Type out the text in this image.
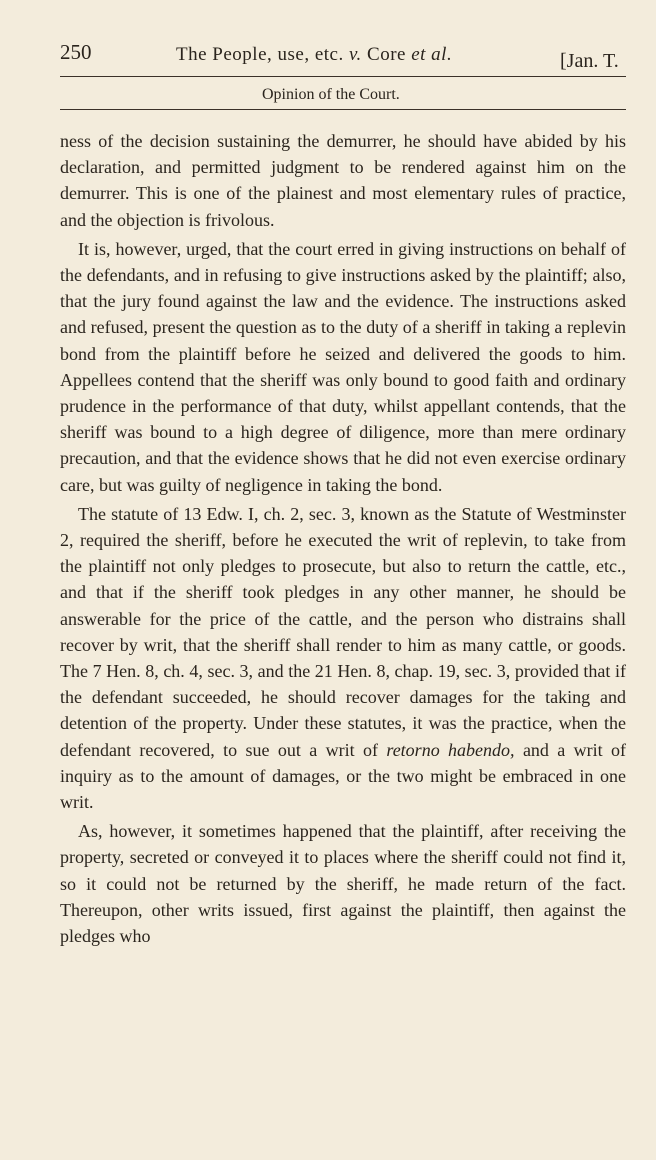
250	The People, use, etc. v. Core et al.	[Jan. T.
Opinion of the Court.

ness of the decision sustaining the demurrer, he should have abided by his declaration, and permitted judgment to be rendered against him on the demurrer. This is one of the plainest and most elementary rules of practice, and the objection is frivolous.

It is, however, urged, that the court erred in giving instructions on behalf of the defendants, and in refusing to give instructions asked by the plaintiff; also, that the jury found against the law and the evidence. The instructions asked and refused, present the question as to the duty of a sheriff in taking a replevin bond from the plaintiff before he seized and delivered the goods to him. Appellees contend that the sheriff was only bound to good faith and ordinary prudence in the performance of that duty, whilst appellant contends, that the sheriff was bound to a high degree of diligence, more than mere ordinary precaution, and that the evidence shows that he did not even exercise ordinary care, but was guilty of negligence in taking the bond.

The statute of 13 Edw. I, ch. 2, sec. 3, known as the Statute of Westminster 2, required the sheriff, before he executed the writ of replevin, to take from the plaintiff not only pledges to prosecute, but also to return the cattle, etc., and that if the sheriff took pledges in any other manner, he should be answerable for the price of the cattle, and the person who distrains shall recover by writ, that the sheriff shall render to him as many cattle, or goods. The 7 Hen. 8, ch. 4, sec. 3, and the 21 Hen. 8, chap. 19, sec. 3, provided that if the defendant succeeded, he should recover damages for the taking and detention of the property. Under these statutes, it was the practice, when the defendant recovered, to sue out a writ of retorno habendo, and a writ of inquiry as to the amount of damages, or the two might be embraced in one writ.

As, however, it sometimes happened that the plaintiff, after receiving the property, secreted or conveyed it to places where the sheriff could not find it, so it could not be returned by the sheriff, he made return of the fact. Thereupon, other writs issued, first against the plaintiff, then against the pledges who
